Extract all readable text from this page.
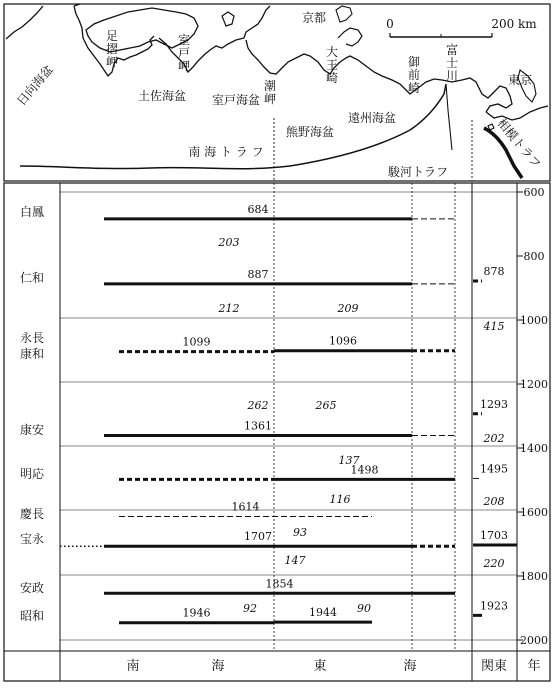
0	200 km
足摺岬
室戸岬
潮岬
大王崎
御前崎
富士川
土佐海盆 室戸海盆
熊野海盆
遠州海盆
京都
東京
南 海 ト ラ フ
駿河トラフ
日向海盆
相模トラフ
600
800
1000
1200
1400
1600
1800
2000
白鳳
仁和
永長
康和
康安
明応
慶長
宝永
安政
昭和
684
887
1099	1096
1361
1498
1614
1707
1854
1946	1944
878
1293
1495
1703
1923
203
212	209
415
262	265
202
137
208
116
93
147	220
92	90
南	海	東	海	関東 年
